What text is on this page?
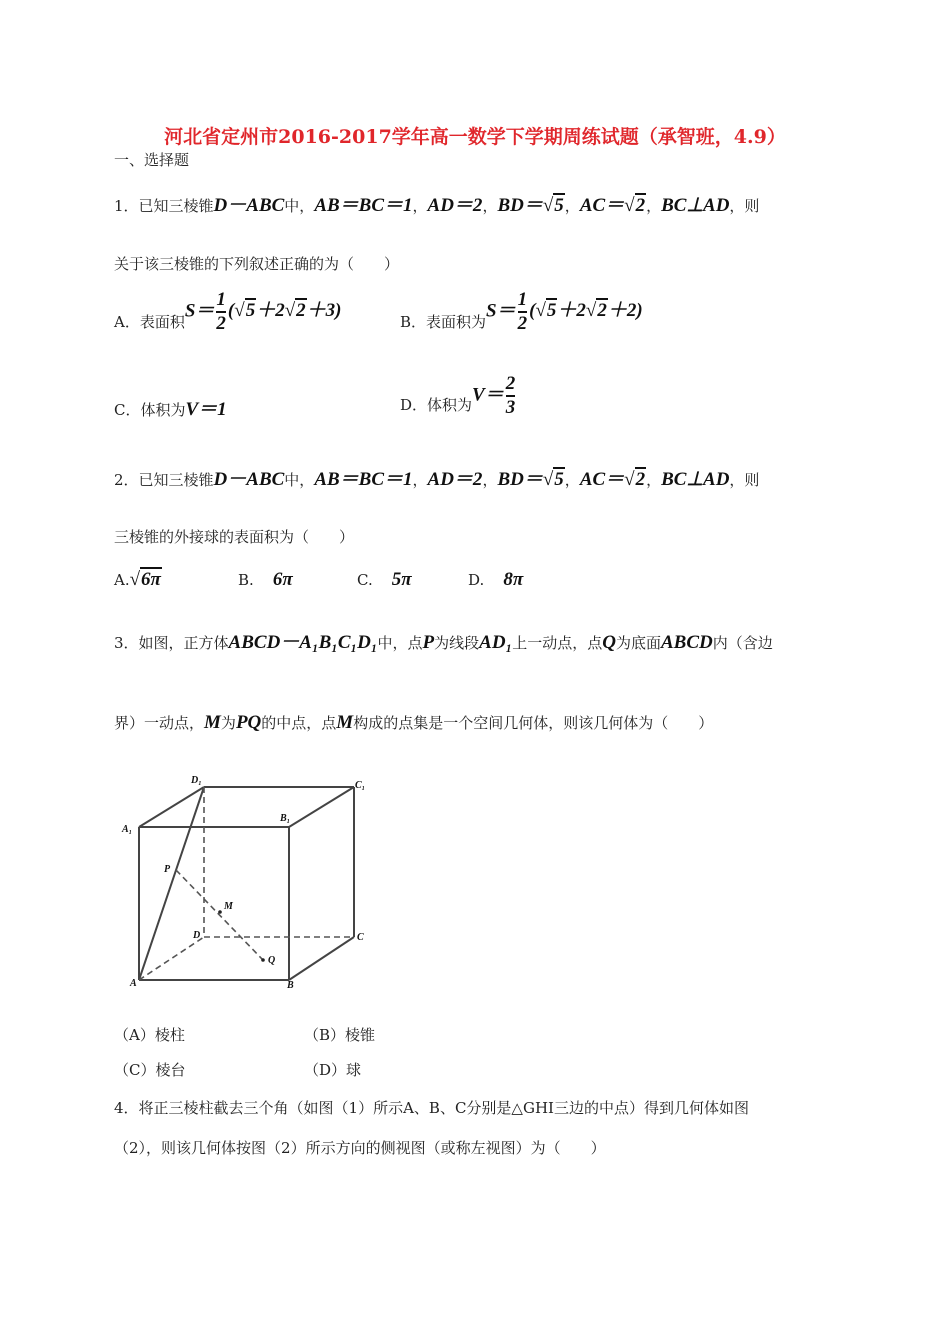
河北省定州市2016-2017学年高一数学下学期周练试题（承智班，4.9）
一、选择题
1．已知三棱锥D－ABC中，AB＝BC＝1，AD＝2，BD＝√5，AC＝√2，BC⊥AD，则
关于该三棱锥的下列叙述正确的为（　　）
A．表面积$S= \frac{1}{2} (√5+2√2+3)$
B．表面积为$S= \frac{1}{2} (√5+2√2+2)$
C．体积为V＝1	D．体积为$V= \frac{2}{3}$
2．已知三棱锥D－ABC中，AB＝BC＝1，AD＝2，BD＝√5，AC＝√2，BC⊥AD，则
三棱锥的外接球的表面积为（　　）
A.√6π	B. 6π	C. 5π	D. 8π
3．如图，正方体ABCD－A₁B₁C₁D₁中，点P为线段AD₁上一动点，点Q为底面ABCD内（含边
界）一动点，M为PQ的中点，点M构成的点集是一个空间几何体，则该几何体为（　　）
D₁	C₁
A₁
B₁
P
M
D	C
Q
A	B
（A）棱柱	（B）棱锥
（C）棱台	（D）球
4．将正三棱柱截去三个角（如图（1）所示A、B、C分别是△GHI三边的中点）得到几何体如图
（2），则该几何体按图（2）所示方向的侧视图（或称左视图）为（　　）
